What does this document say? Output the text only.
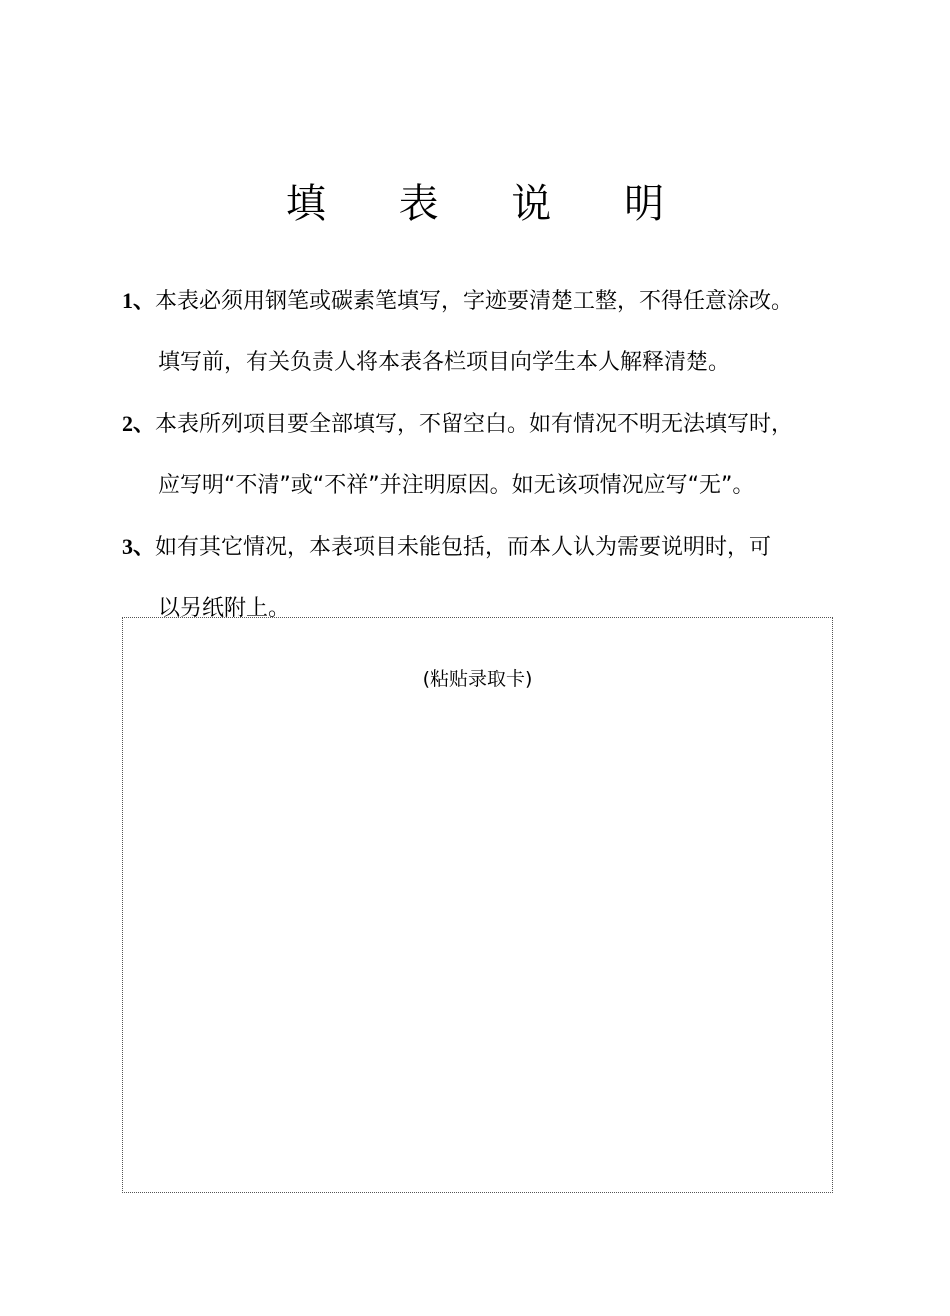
填 表 说 明
1、本表必须用钢笔或碳素笔填写，字迹要清楚工整，不得任意涂改。
填写前，有关负责人将本表各栏项目向学生本人解释清楚。
2、本表所列项目要全部填写，不留空白。如有情况不明无法填写时，
应写明“不清”或“不祥”并注明原因。如无该项情况应写“无”。
3、如有其它情况，本表项目未能包括，而本人认为需要说明时，可
以另纸附上。
(粘贴录取卡)
